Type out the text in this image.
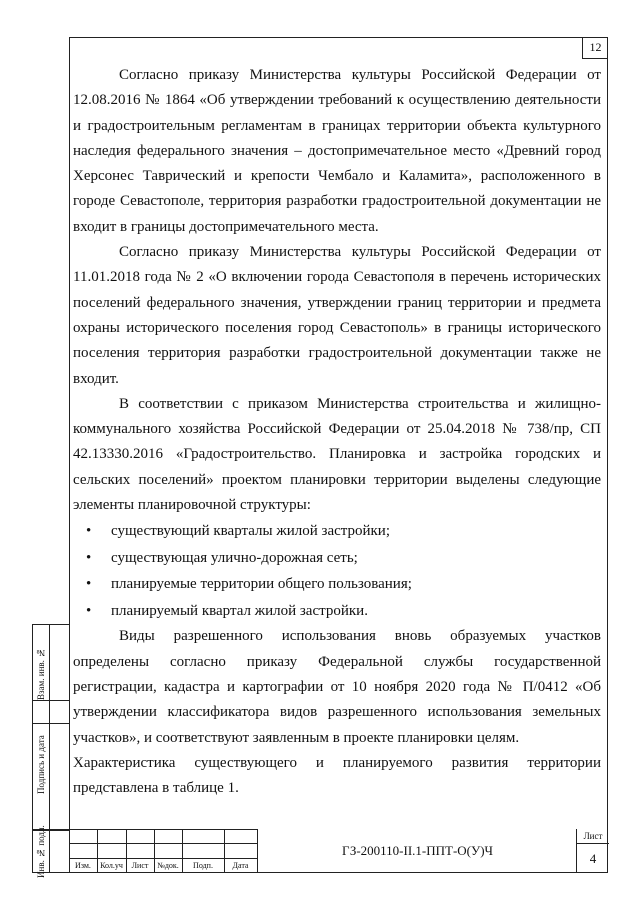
12

Согласно приказу Министерства культуры Российской Федерации от 12.08.2016 № 1864 «Об утверждении требований к осуществлению деятельности и градостроительным регламентам в границах территории объекта культурного наследия федерального значения – достопримечательное место «Древний город Херсонес Таврический и крепости Чембало и Каламита», расположенного в городе Севастополе, территория разработки градостроительной документации не входит в границы достопримечательного места.

Согласно приказу Министерства культуры Российской Федерации от 11.01.2018 года № 2 «О включении города Севастополя в перечень исторических поселений федерального значения, утверждении границ территории и предмета охраны исторического поселения город Севастополь» в границы исторического поселения территория разработки градостроительной документации также не входит.

В соответствии с приказом Министерства строительства и жилищно-коммунального хозяйства Российской Федерации от 25.04.2018 № 738/пр, СП 42.13330.2016 «Градостроительство. Планировка и застройка городских и сельских поселений» проектом планировки территории выделены следующие элементы планировочной структуры:

• существующий кварталы жилой застройки;
• существующая улично-дорожная сеть;
• планируемые территории общего пользования;
• планируемый квартал жилой застройки.

Виды разрешенного использования вновь образуемых участков определены согласно приказу Федеральной службы государственной регистрации, кадастра и картографии от 10 ноября 2020 года № П/0412 «Об утверждении классификатора видов разрешенного использования земельных участков», и соответствуют заявленным в проекте планировки целям.

Характеристика существующего и планируемого развития территории представлена в таблице 1.

Взам. инв. №
Подпись и дата
Инв. № подл.	Изм.	Кол.уч	Лист	№док.	Подп.	Дата
ГЗ-200110-II.1-ППТ-О(У)Ч
Лист
4
